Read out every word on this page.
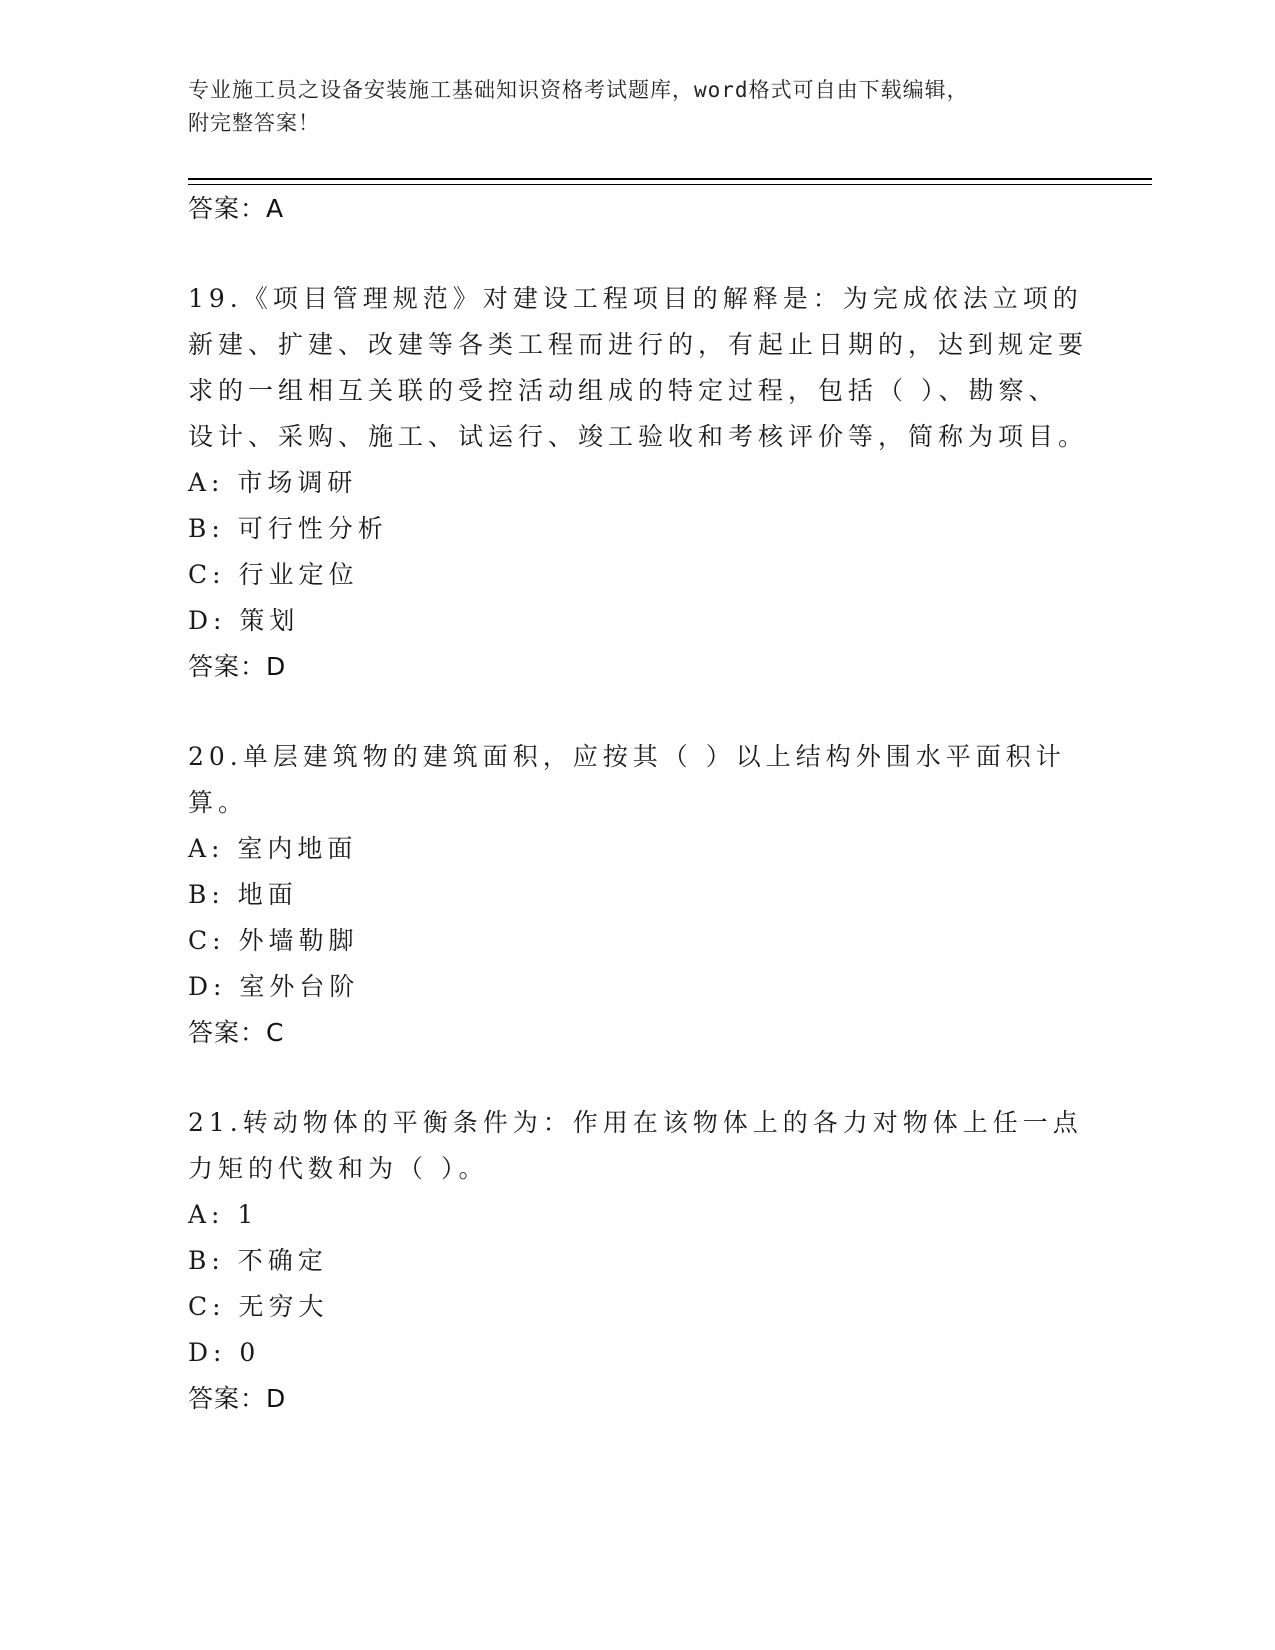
专业施工员之设备安装施工基础知识资格考试题库，word格式可自由下载编辑，
附完整答案！
答案：A
19.《项目管理规范》对建设工程项目的解释是：为完成依法立项的新建、扩建、改建等各类工程而进行的，有起止日期的，达到规定要求的一组相互关联的受控活动组成的特定过程，包括（ ）、勘察、设计、采购、施工、试运行、竣工验收和考核评价等，简称为项目。
A: 市场调研
B: 可行性分析
C: 行业定位
D: 策划
答案：D
20.单层建筑物的建筑面积，应按其（ ）以上结构外围水平面积计算。
A: 室内地面
B: 地面
C: 外墙勒脚
D: 室外台阶
答案：C
21.转动物体的平衡条件为：作用在该物体上的各力对物体上任一点力矩的代数和为（ ）。
A: 1
B: 不确定
C: 无穷大
D: 0
答案：D
